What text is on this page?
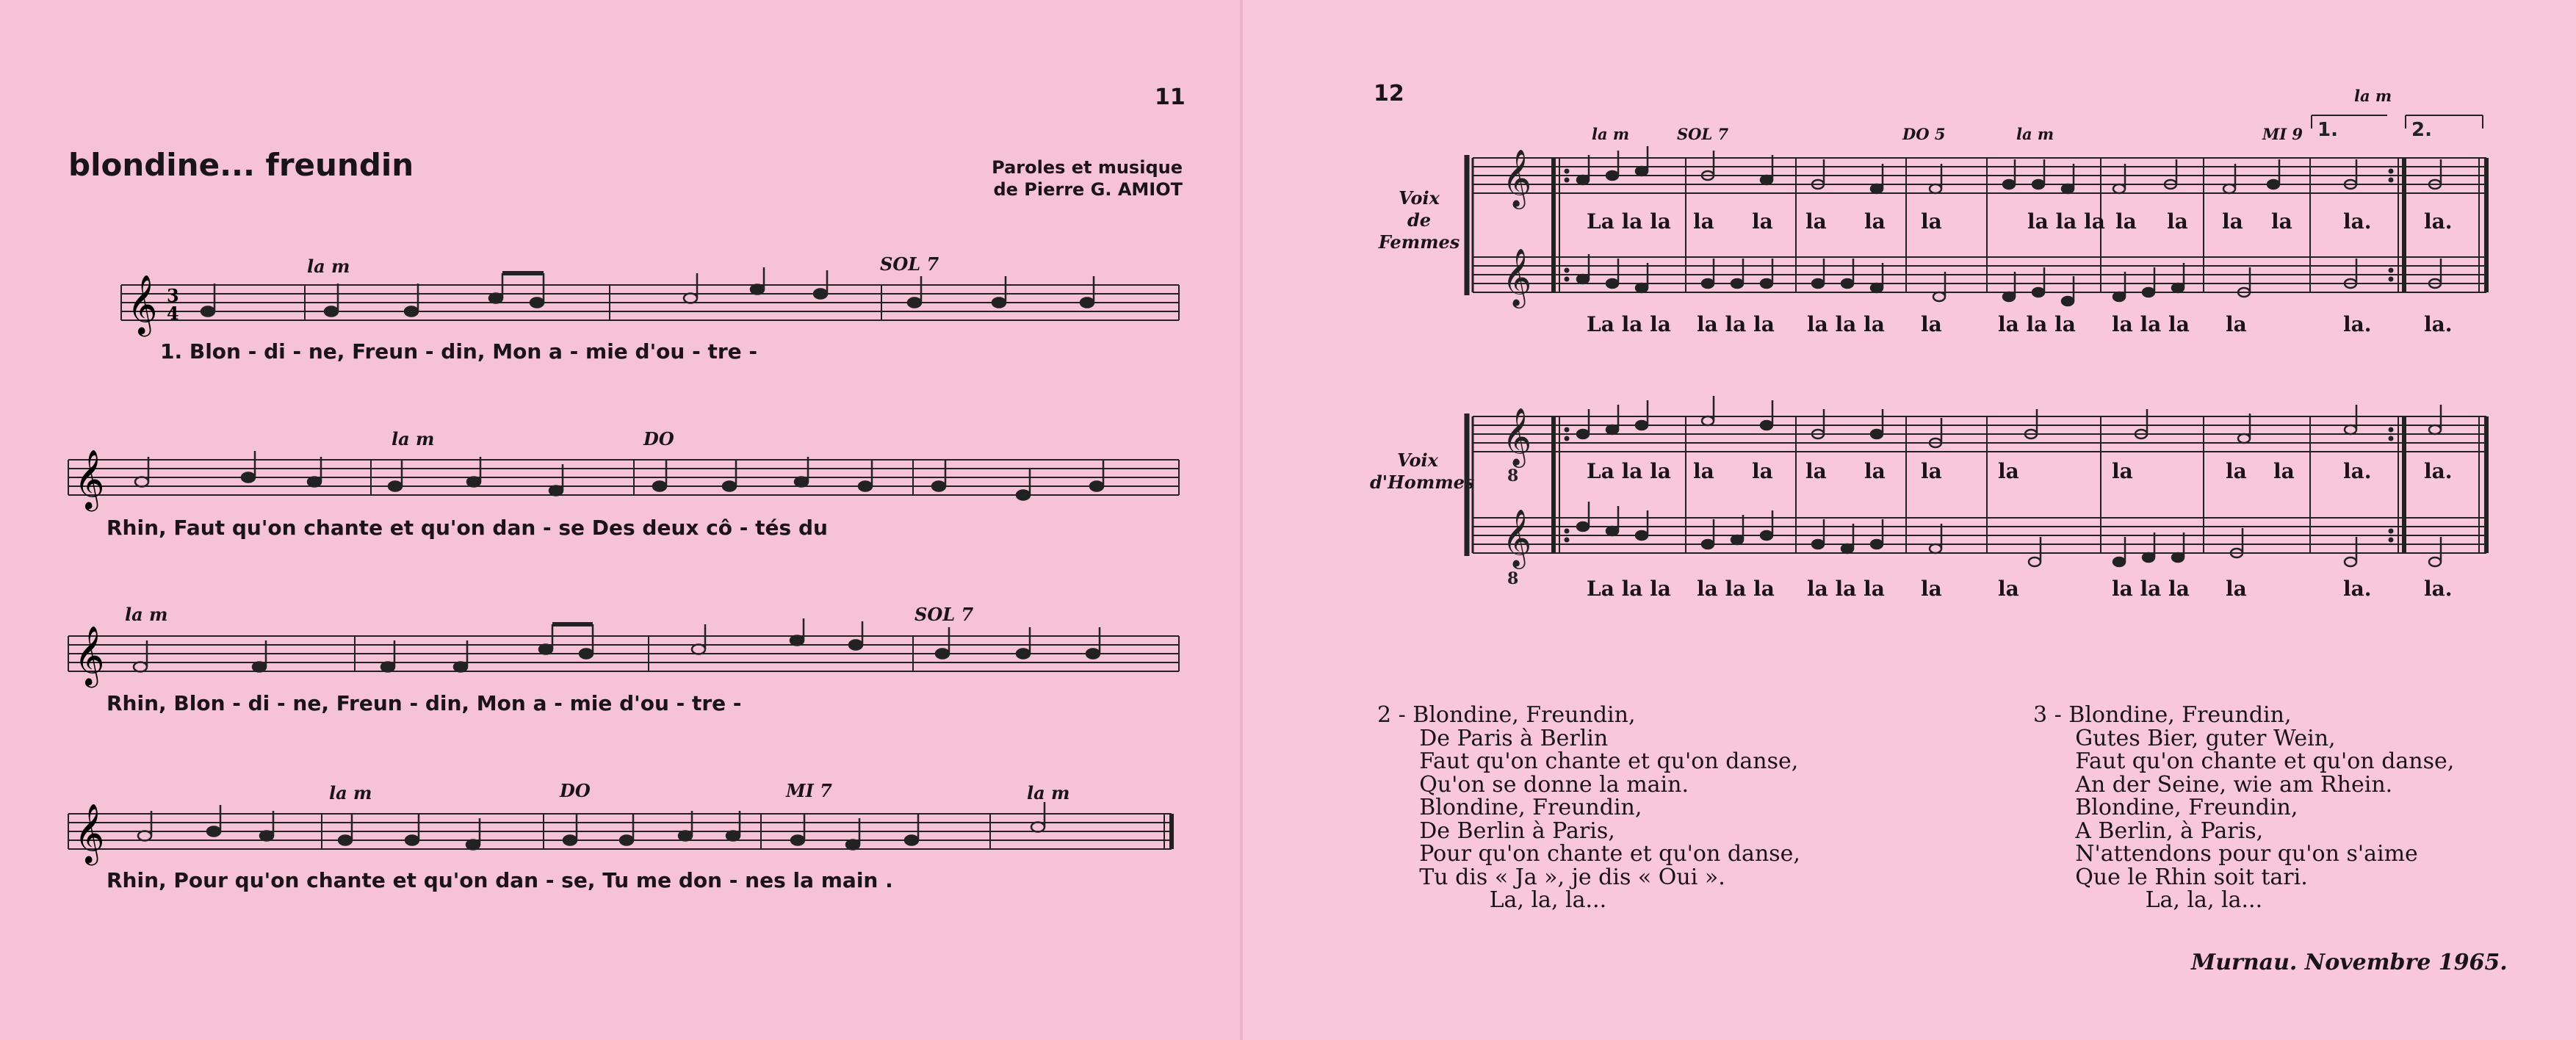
11
blondine... freundin	Paroles et musique
de Pierre G. AMIOT
la m	SOL 7
𝄞 3
4
1. Blon - di - ne, Freun - din, Mon a - mie d'ou - tre -
la m	DO
𝄞
Rhin, Faut qu'on chante et qu'on dan - se Des deux cô - tés du
la m	SOL 7
𝄞
Rhin, Blon - di - ne, Freun - din, Mon a - mie d'ou - tre -
la m	DO	MI 7	la m
𝄞
Rhin, Pour qu'on chante et qu'on dan - se, Tu me don - nes la main .
12
la m	SOL 7	DO 5	la m	MI 9
la m
Voix
de
Femmes
Voix
d'Hommes
𝄞
𝄞
𝄞
𝄞
8
8
1.	2.
La la la la la la la la	la la la la la la la la.	la.
La la la la la la la la la la	la la la la la la la	la.	la.
La la la la la la la la	la	la	la la la.	la.
La la la la la la la la la la	la	la la la la	la.	la.
2 - Blondine, Freundin,
De Paris à Berlin
Faut qu'on chante et qu'on danse,
Qu'on se donne la main.
Blondine, Freundin,
De Berlin à Paris,
Pour qu'on chante et qu'on danse,
Tu dis « Ja », je dis « Oui ».
La, la, la...
3 - Blondine, Freundin,
Gutes Bier, guter Wein,
Faut qu'on chante et qu'on danse,
An der Seine, wie am Rhein.
Blondine, Freundin,
A Berlin, à Paris,
N'attendons pour qu'on s'aime
Que le Rhin soit tari.
La, la, la...
Murnau. Novembre 1965.
